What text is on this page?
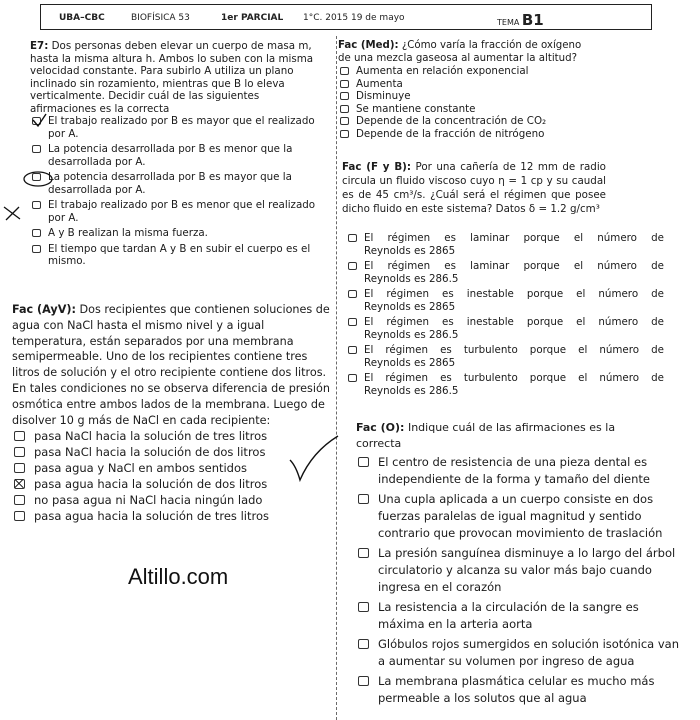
UBA–CBC	BIOFÍSICA 53	1er PARCIAL 1°C. 2015 19 de mayo	TEMA B1

E7: Dos personas deben elevar un cuerpo de masa m, hasta la misma altura h. Ambos lo suben con la misma velocidad constante. Para subirlo A utiliza un plano inclinado sin rozamiento, mientras que B lo eleva verticalmente. Decidir cuál de las siguientes afirmaciones es la correcta

El trabajo realizado por B es mayor que el realizado por A.
La potencia desarrollada por B es menor que la desarrollada por A.
La potencia desarrollada por B es mayor que la desarrollada por A.
El trabajo realizado por B es menor que el realizado por A.
A y B realizan la misma fuerza.
El tiempo que tardan A y B en subir el cuerpo es el mismo.

Fac (AyV): Dos recipientes que contienen soluciones de agua con NaCl hasta el mismo nivel y a igual temperatura, están separados por una membrana semipermeable. Uno de los recipientes contiene tres litros de solución y el otro recipiente contiene dos litros. En tales condiciones no se observa diferencia de presión osmótica entre ambos lados de la membrana. Luego de disolver 10 g más de NaCl en cada recipiente:

pasa NaCl hacia la solución de tres litros
pasa NaCl hacia la solución de dos litros
pasa agua y NaCl en ambos sentidos
pasa agua hacia la solución de dos litros
no pasa agua ni NaCl hacia ningún lado
pasa agua hacia la solución de tres litros
Altillo.com

Fac (Med): ¿Cómo varía la fracción de oxígeno de una mezcla gaseosa al aumentar la altitud?

Aumenta en relación exponencial
Aumenta
Disminuye
Se mantiene constante
Depende de la concentración de CO₂
Depende de la fracción de nitrógeno

Fac (F y B): Por una cañería de 12 mm de radio circula un fluido viscoso cuyo η = 1 cp y su caudal es de 45 cm³/s. ¿Cuál será el régimen que posee dicho fluido en este sistema? Datos δ = 1.2 g/cm³

El régimen es laminar porque el número de
Reynolds es 2865
El régimen es laminar porque el número de
Reynolds es 286.5
El régimen es inestable porque el número de
Reynolds es 2865
El régimen es inestable porque el número de
Reynolds es 286.5
El régimen es turbulento porque el número de
Reynolds es 2865
El régimen es turbulento porque el número de
Reynolds es 286.5

Fac (O): Indique cuál de las afirmaciones es la correcta

El centro de resistencia de una pieza dental es independiente de la forma y tamaño del diente
Una cupla aplicada a un cuerpo consiste en dos fuerzas paralelas de igual magnitud y sentido contrario que provocan movimiento de traslación
La presión sanguínea disminuye a lo largo del árbol circulatorio y alcanza su valor más bajo cuando ingresa en el corazón
La resistencia a la circulación de la sangre es máxima en la arteria aorta
Glóbulos rojos sumergidos en solución isotónica van a aumentar su volumen por ingreso de agua
La membrana plasmática celular es mucho más permeable a los solutos que al agua
